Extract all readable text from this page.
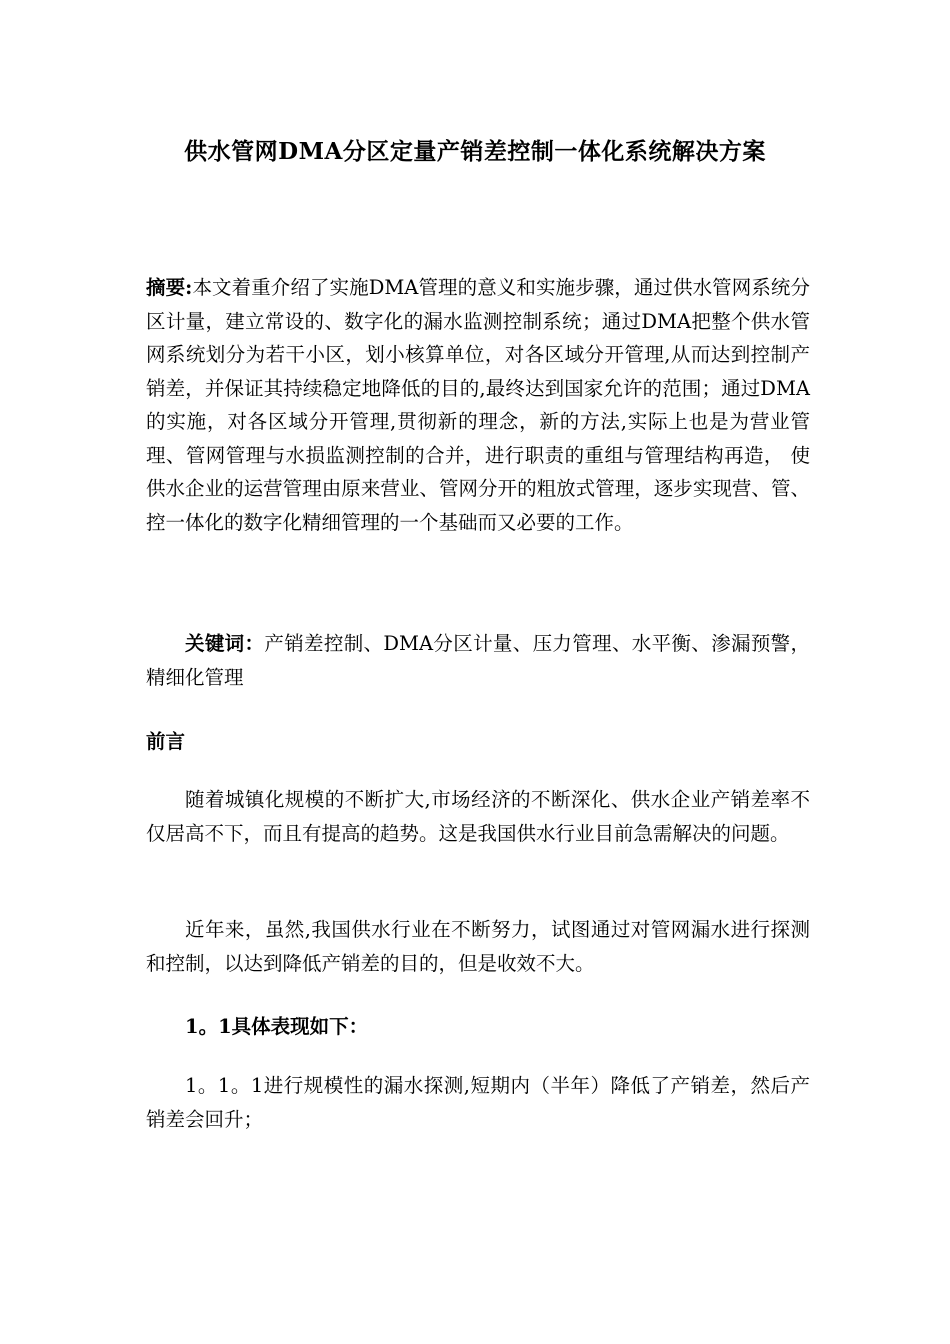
供水管网DMA分区定量产销差控制一体化系统解决方案
摘要:本文着重介绍了实施DMA管理的意义和实施步骤，通过供水管网系统分区计量，建立常设的、数字化的漏水监测控制系统；通过DMA把整个供水管网系统划分为若干小区，划小核算单位，对各区域分开管理,从而达到控制产销差，并保证其持续稳定地降低的目的,最终达到国家允许的范围；通过DMA的实施，对各区域分开管理,贯彻新的理念，新的方法,实际上也是为营业管理、管网管理与水损监测控制的合并，进行职责的重组与管理结构再造， 使供水企业的运营管理由原来营业、管网分开的粗放式管理，逐步实现营、管、控一体化的数字化精细管理的一个基础而又必要的工作。
关键词：产销差控制、DMA分区计量、压力管理、水平衡、渗漏预警，精细化管理
前言
随着城镇化规模的不断扩大,市场经济的不断深化、供水企业产销差率不仅居高不下，而且有提高的趋势。这是我国供水行业目前急需解决的问题。
近年来，虽然,我国供水行业在不断努力，试图通过对管网漏水进行探测和控制，以达到降低产销差的目的，但是收效不大。
1。1具体表现如下：
1。1。1进行规模性的漏水探测,短期内（半年）降低了产销差，然后产销差会回升；
